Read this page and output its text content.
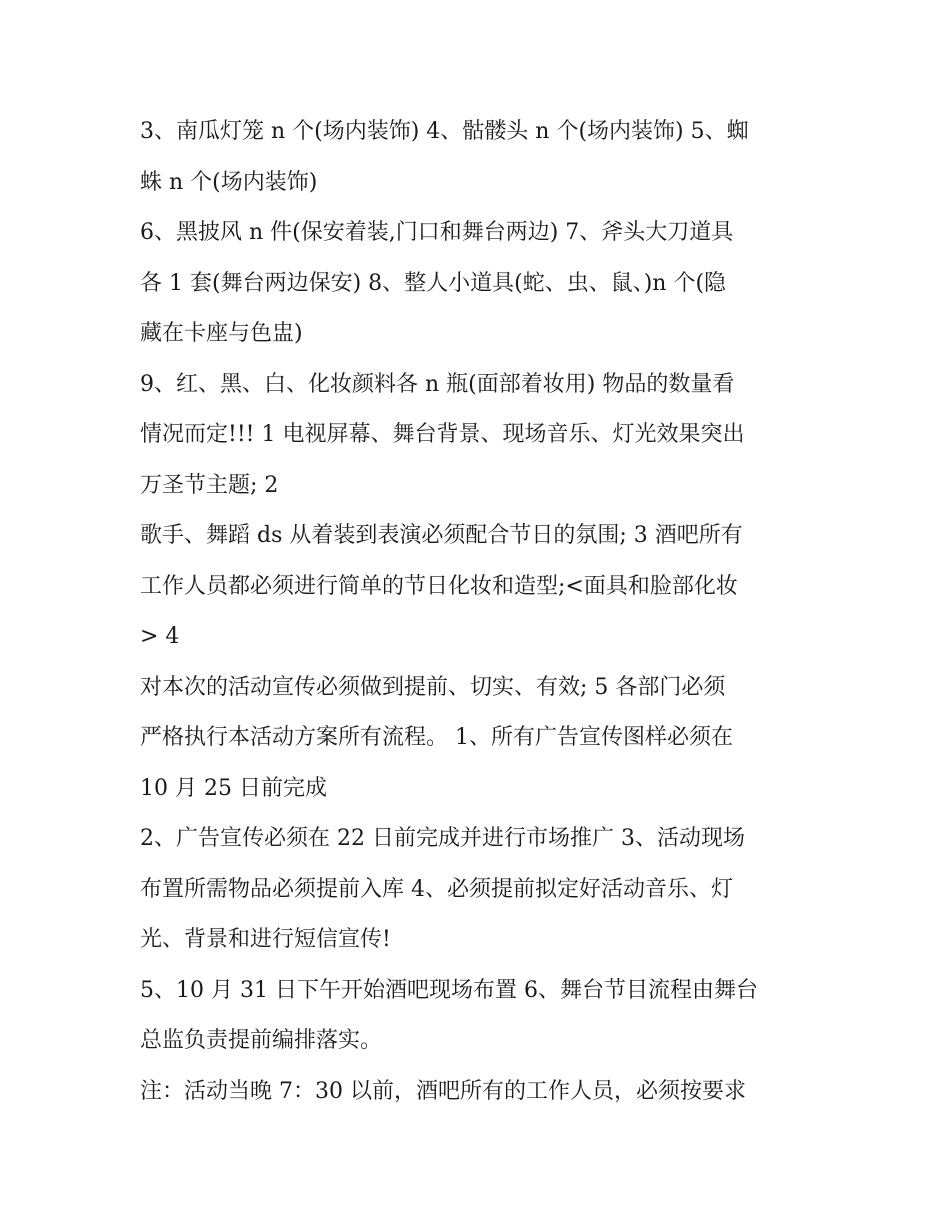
3、南瓜灯笼 n 个(场内装饰) 4、骷髅头 n 个(场内装饰) 5、蜘
蛛 n 个(场内装饰)
6、黑披风 n 件(保安着装,门口和舞台两边) 7、斧头大刀道具
各 1 套(舞台两边保安) 8、整人小道具(蛇、虫、鼠、)n 个(隐
藏在卡座与色盅)
9、红、黑、白、化妆颜料各 n 瓶(面部着妆用) 物品的数量看
情况而定!!! 1 电视屏幕、舞台背景、现场音乐、灯光效果突出
万圣节主题; 2
歌手、舞蹈 ds 从着装到表演必须配合节日的氛围; 3 酒吧所有
工作人员都必须进行简单的节日化妆和造型;<面具和脸部化妆
> 4
对本次的活动宣传必须做到提前、切实、有效; 5 各部门必须
严格执行本活动方案所有流程。 1、所有广告宣传图样必须在
10 月 25 日前完成
2、广告宣传必须在 22 日前完成并进行市场推广 3、活动现场
布置所需物品必须提前入库 4、必须提前拟定好活动音乐、灯
光、背景和进行短信宣传!
5、10 月 31 日下午开始酒吧现场布置 6、舞台节目流程由舞台
总监负责提前编排落实。
注：活动当晚 7：30 以前，酒吧所有的工作人员，必须按要求
